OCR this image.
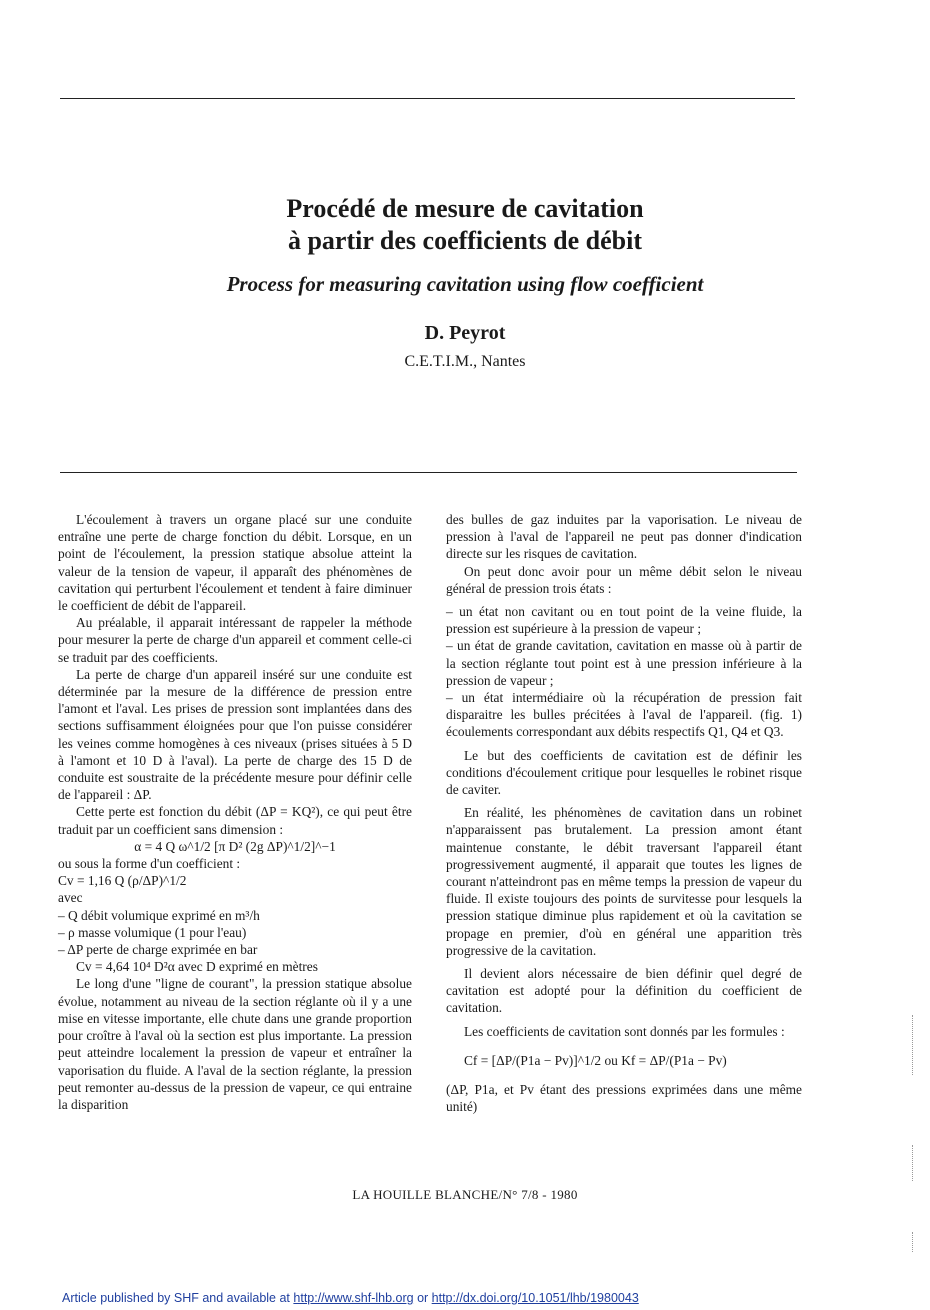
Procédé de mesure de cavitation
à partir des coefficients de débit
Process for measuring cavitation using flow coefficient
D. Peyrot
C.E.T.I.M., Nantes

L'écoulement à travers un organe placé sur une conduite entraîne une perte de charge fonction du débit. Lorsque, en un point de l'écoulement, la pression statique absolue atteint la valeur de la tension de vapeur, il apparaît des phénomènes de cavitation qui perturbent l'écoulement et tendent à faire diminuer le coefficient de débit de l'appareil.

Au préalable, il apparait intéressant de rappeler la méthode pour mesurer la perte de charge d'un appareil et comment celle-ci se traduit par des coefficients.

La perte de charge d'un appareil inséré sur une conduite est déterminée par la mesure de la différence de pression entre l'amont et l'aval. Les prises de pression sont implantées dans des sections suffisamment éloignées pour que l'on puisse considérer les veines comme homogènes à ces niveaux (prises situées à 5 D à l'amont et 10 D à l'aval). La perte de charge des 15 D de conduite est soustraite de la précédente mesure pour définir celle de l'appareil : ΔP.

Cette perte est fonction du débit (ΔP = KQ²), ce qui peut être traduit par un coefficient sans dimension :

α = 4 Q ω^1/2 [π D² (2g ΔP)^1/2]^−1

ou sous la forme d'un coefficient :

Cv = 1,16 Q (ρ/ΔP)^1/2

avec

– Q débit volumique exprimé en m³/h

– ρ masse volumique (1 pour l'eau)

– ΔP perte de charge exprimée en bar

Cv = 4,64 10⁴ D²α avec D exprimé en mètres

Le long d'une "ligne de courant", la pression statique absolue évolue, notamment au niveau de la section réglante où il y a une mise en vitesse importante, elle chute dans une grande proportion pour croître à l'aval où la section est plus importante. La pression peut atteindre localement la pression de vapeur et entraîner la vaporisation du fluide. A l'aval de la section réglante, la pression peut remonter au-dessus de la pression de vapeur, ce qui entraine la disparition

des bulles de gaz induites par la vaporisation. Le niveau de pression à l'aval de l'appareil ne peut pas donner d'indication directe sur les risques de cavitation.

On peut donc avoir pour un même débit selon le niveau général de pression trois états :

– un état non cavitant ou en tout point de la veine fluide, la pression est supérieure à la pression de vapeur ;

– un état de grande cavitation, cavitation en masse où à partir de la section réglante tout point est à une pression inférieure à la pression de vapeur ;

– un état intermédiaire où la récupération de pression fait disparaitre les bulles précitées à l'aval de l'appareil. (fig. 1) écoulements correspondant aux débits respectifs Q1, Q4 et Q3.

Le but des coefficients de cavitation est de définir les conditions d'écoulement critique pour lesquelles le robinet risque de caviter.

En réalité, les phénomènes de cavitation dans un robinet n'apparaissent pas brutalement. La pression amont étant maintenue constante, le débit traversant l'appareil étant progressivement augmenté, il apparait que toutes les lignes de courant n'atteindront pas en même temps la pression de vapeur du fluide. Il existe toujours des points de survitesse pour lesquels la pression statique diminue plus rapidement et où la cavitation se propage en premier, d'où en général une apparition très progressive de la cavitation.

Il devient alors nécessaire de bien définir quel degré de cavitation est adopté pour la définition du coefficient de cavitation.

Les coefficients de cavitation sont donnés par les formules :

Cf = [ΔP/(P1a − Pv)]^1/2 ou Kf = ΔP/(P1a − Pv)

(ΔP, P1a, et Pv étant des pressions exprimées dans une même unité)

LA HOUILLE BLANCHE/N° 7/8 - 1980
Article published by SHF and available at http://www.shf-lhb.org or http://dx.doi.org/10.1051/lhb/1980043
